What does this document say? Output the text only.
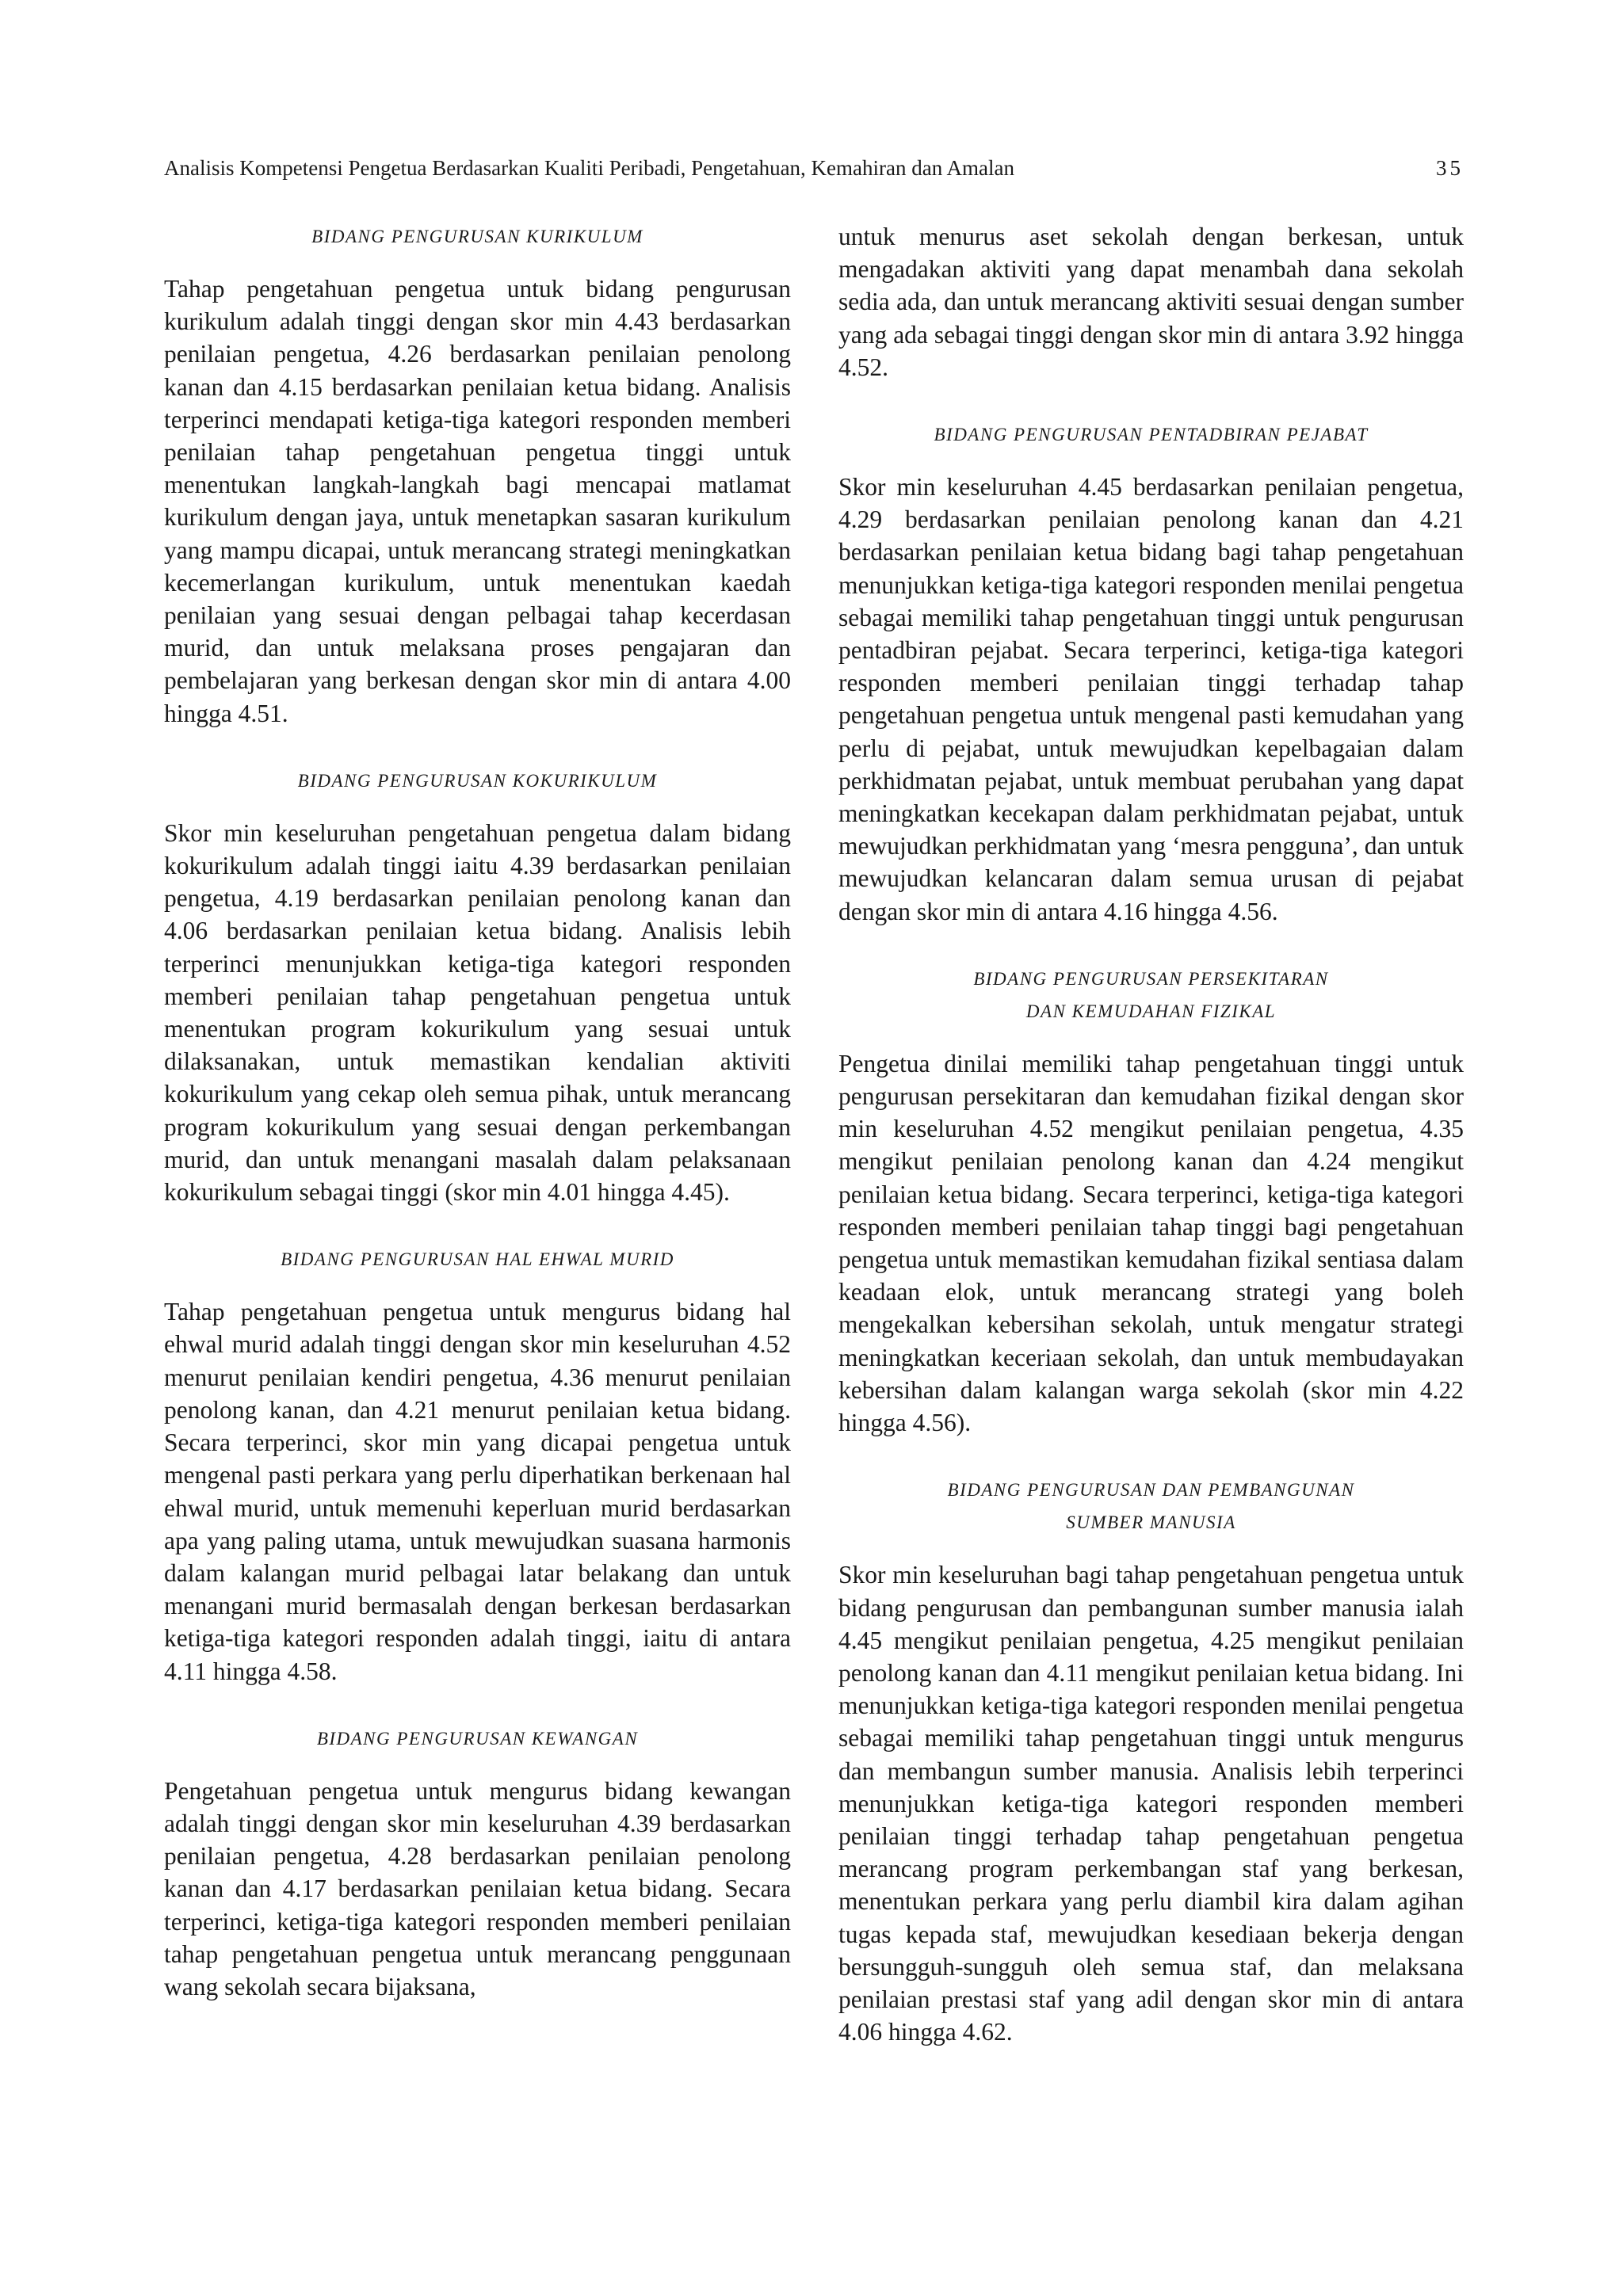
Analisis Kompetensi Pengetua Berdasarkan Kualiti Peribadi, Pengetahuan, Kemahiran dan Amalan	35

BIDANG PENGURUSAN KURIKULUM

Tahap pengetahuan pengetua untuk bidang pengurusan kurikulum adalah tinggi dengan skor min 4.43 berdasarkan penilaian pengetua, 4.26 berdasarkan penilaian penolong kanan dan 4.15 berdasarkan penilaian ketua bidang. Analisis terperinci mendapati ketiga-tiga kategori responden memberi penilaian tahap pengetahuan pengetua tinggi untuk menentukan langkah-langkah bagi mencapai matlamat kurikulum dengan jaya, untuk menetapkan sasaran kurikulum yang mampu dicapai, untuk merancang strategi meningkatkan kecemerlangan kurikulum, untuk menentukan kaedah penilaian yang sesuai dengan pelbagai tahap kecerdasan murid, dan untuk melaksana proses pengajaran dan pembelajaran yang berkesan dengan skor min di antara 4.00 hingga 4.51.

BIDANG PENGURUSAN KOKURIKULUM

Skor min keseluruhan pengetahuan pengetua dalam bidang kokurikulum adalah tinggi iaitu 4.39 berdasarkan penilaian pengetua, 4.19 berdasarkan penilaian penolong kanan dan 4.06 berdasarkan penilaian ketua bidang. Analisis lebih terperinci menunjukkan ketiga-tiga kategori responden memberi penilaian tahap pengetahuan pengetua untuk menentukan program kokurikulum yang sesuai untuk dilaksanakan, untuk memastikan kendalian aktiviti kokurikulum yang cekap oleh semua pihak, untuk merancang program kokurikulum yang sesuai dengan perkembangan murid, dan untuk menangani masalah dalam pelaksanaan kokurikulum sebagai tinggi (skor min 4.01 hingga 4.45).

BIDANG PENGURUSAN HAL EHWAL MURID

Tahap pengetahuan pengetua untuk mengurus bidang hal ehwal murid adalah tinggi dengan skor min keseluruhan 4.52 menurut penilaian kendiri pengetua, 4.36 menurut penilaian penolong kanan, dan 4.21 menurut penilaian ketua bidang. Secara terperinci, skor min yang dicapai pengetua untuk mengenal pasti perkara yang perlu diperhatikan berkenaan hal ehwal murid, untuk memenuhi keperluan murid berdasarkan apa yang paling utama, untuk mewujudkan suasana harmonis dalam kalangan murid pelbagai latar belakang dan untuk menangani murid bermasalah dengan berkesan berdasarkan ketiga-tiga kategori responden adalah tinggi, iaitu di antara 4.11 hingga 4.58.

BIDANG PENGURUSAN KEWANGAN

Pengetahuan pengetua untuk mengurus bidang kewangan adalah tinggi dengan skor min keseluruhan 4.39 berdasarkan penilaian pengetua, 4.28 berdasarkan penilaian penolong kanan dan 4.17 berdasarkan penilaian ketua bidang. Secara terperinci, ketiga-tiga kategori responden memberi penilaian tahap pengetahuan pengetua untuk merancang penggunaan wang sekolah secara bijaksana,

untuk menurus aset sekolah dengan berkesan, untuk mengadakan aktiviti yang dapat menambah dana sekolah sedia ada, dan untuk merancang aktiviti sesuai dengan sumber yang ada sebagai tinggi dengan skor min di antara 3.92 hingga 4.52.

BIDANG PENGURUSAN PENTADBIRAN PEJABAT

Skor min keseluruhan 4.45 berdasarkan penilaian pengetua, 4.29 berdasarkan penilaian penolong kanan dan 4.21 berdasarkan penilaian ketua bidang bagi tahap pengetahuan menunjukkan ketiga-tiga kategori responden menilai pengetua sebagai memiliki tahap pengetahuan tinggi untuk pengurusan pentadbiran pejabat. Secara terperinci, ketiga-tiga kategori responden memberi penilaian tinggi terhadap tahap pengetahuan pengetua untuk mengenal pasti kemudahan yang perlu di pejabat, untuk mewujudkan kepelbagaian dalam perkhidmatan pejabat, untuk membuat perubahan yang dapat meningkatkan kecekapan dalam perkhidmatan pejabat, untuk mewujudkan perkhidmatan yang ‘mesra pengguna’, dan untuk mewujudkan kelancaran dalam semua urusan di pejabat dengan skor min di antara 4.16 hingga 4.56.

BIDANG PENGURUSAN PERSEKITARAN

DAN KEMUDAHAN FIZIKAL

Pengetua dinilai memiliki tahap pengetahuan tinggi untuk pengurusan persekitaran dan kemudahan fizikal dengan skor min keseluruhan 4.52 mengikut penilaian pengetua, 4.35 mengikut penilaian penolong kanan dan 4.24 mengikut penilaian ketua bidang. Secara terperinci, ketiga-tiga kategori responden memberi penilaian tahap tinggi bagi pengetahuan pengetua untuk memastikan kemudahan fizikal sentiasa dalam keadaan elok, untuk merancang strategi yang boleh mengekalkan kebersihan sekolah, untuk mengatur strategi meningkatkan keceriaan sekolah, dan untuk membudayakan kebersihan dalam kalangan warga sekolah (skor min 4.22 hingga 4.56).

BIDANG PENGURUSAN DAN PEMBANGUNAN

SUMBER MANUSIA

Skor min keseluruhan bagi tahap pengetahuan pengetua untuk bidang pengurusan dan pembangunan sumber manusia ialah 4.45 mengikut penilaian pengetua, 4.25 mengikut penilaian penolong kanan dan 4.11 mengikut penilaian ketua bidang. Ini menunjukkan ketiga-tiga kategori responden menilai pengetua sebagai memiliki tahap pengetahuan tinggi untuk mengurus dan membangun sumber manusia. Analisis lebih terperinci menunjukkan ketiga-tiga kategori responden memberi penilaian tinggi terhadap tahap pengetahuan pengetua merancang program perkembangan staf yang berkesan, menentukan perkara yang perlu diambil kira dalam agihan tugas kepada staf, mewujudkan kesediaan bekerja dengan bersungguh-sungguh oleh semua staf, dan melaksana penilaian prestasi staf yang adil dengan skor min di antara 4.06 hingga 4.62.
